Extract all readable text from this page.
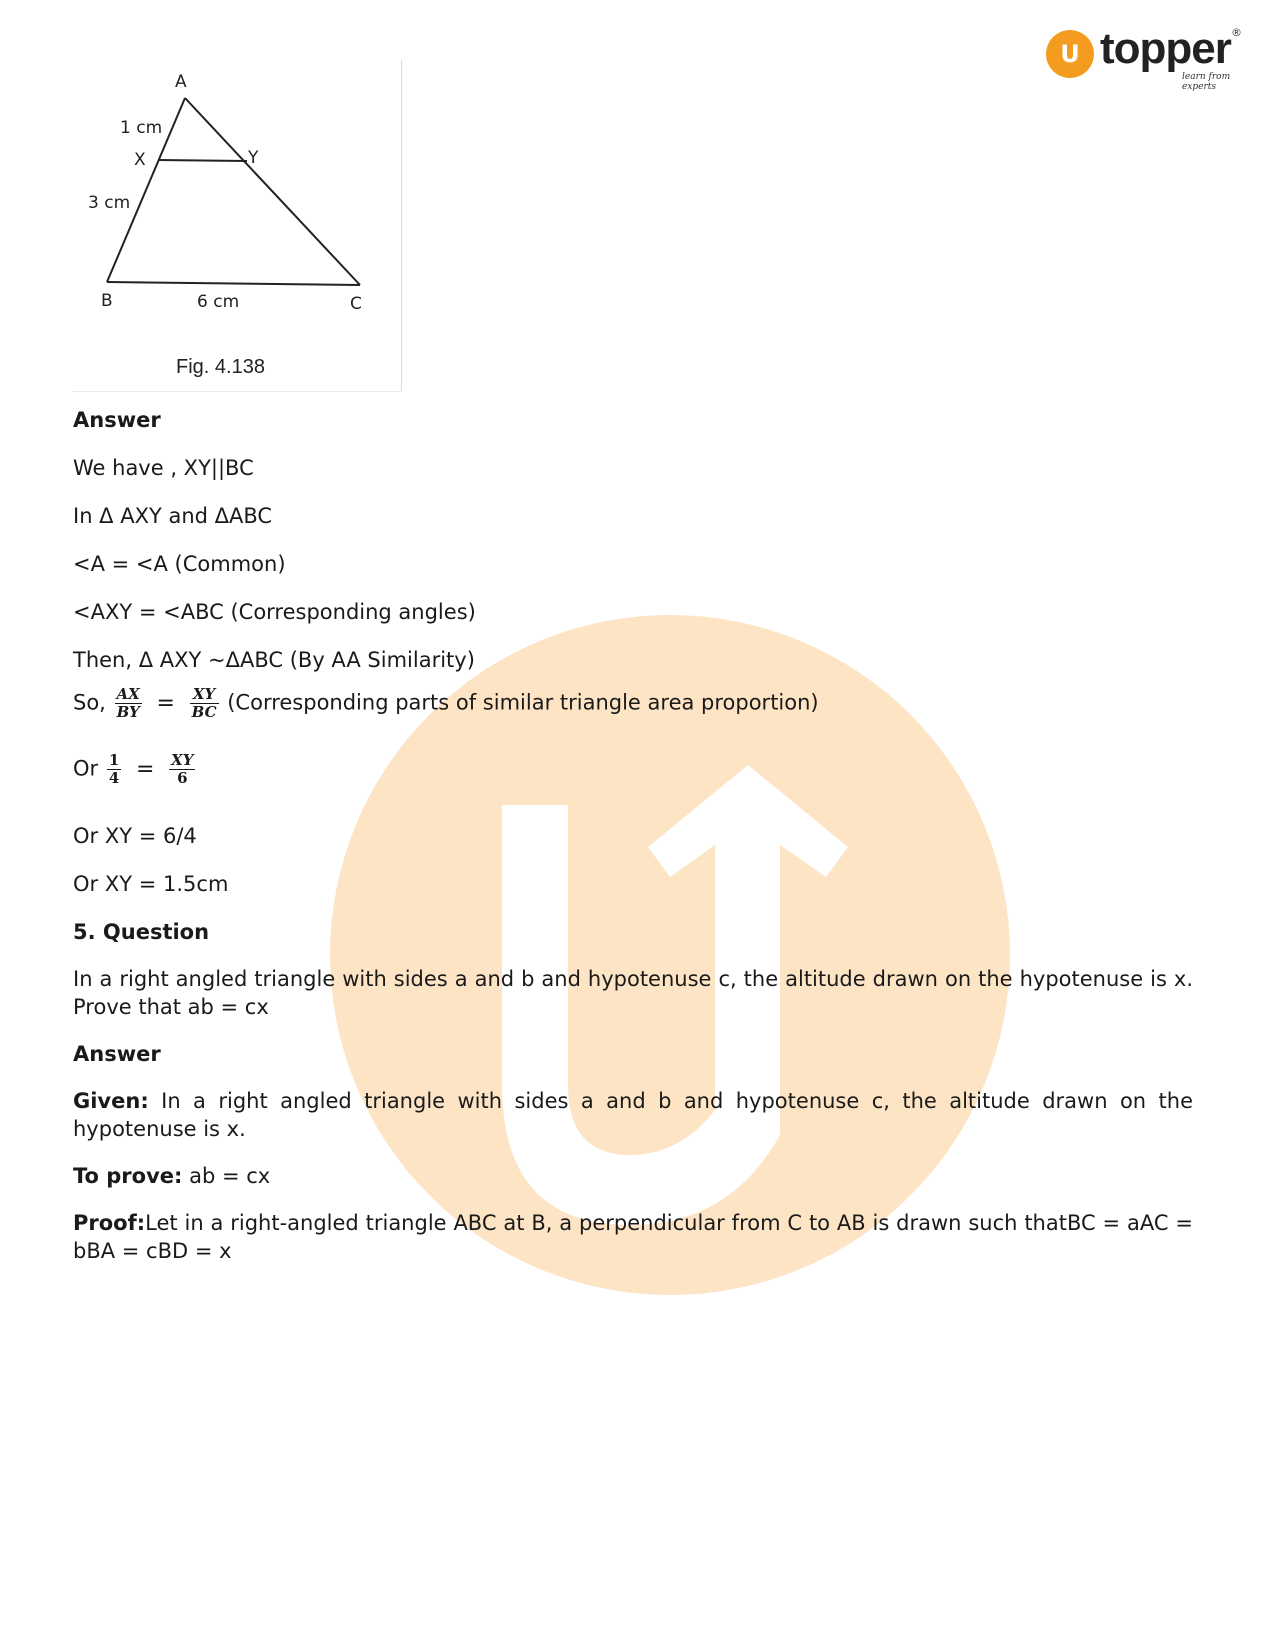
U topper ®
learn from experts
A
1 cm
X	Y
3 cm
B	6 cm	C
Fig. 4.138
Answer
We have , XY||BC
In Δ AXY and ΔABC
<A = <A (Common)
<AXY = <ABC (Corresponding angles)
Then, Δ AXY ~ΔABC (By AA Similarity)
So, $\frac{AX}{BY} = \frac{XY}{BC}$ (Corresponding parts of similar triangle area proportion)
Or $\frac{1}{4} = \frac{XY}{6}$
Or XY = 6/4
Or XY = 1.5cm
5. Question
In a right angled triangle with sides a and b and hypotenuse c, the altitude drawn on the hypotenuse is x. Prove that ab = cx
Answer
Given: In a right angled triangle with sides a and b and hypotenuse c, the altitude drawn on the hypotenuse is x.
To prove: ab = cx
Proof:Let in a right-angled triangle ABC at B, a perpendicular from C to AB is drawn such thatBC = aAC = bBA = cBD = x
